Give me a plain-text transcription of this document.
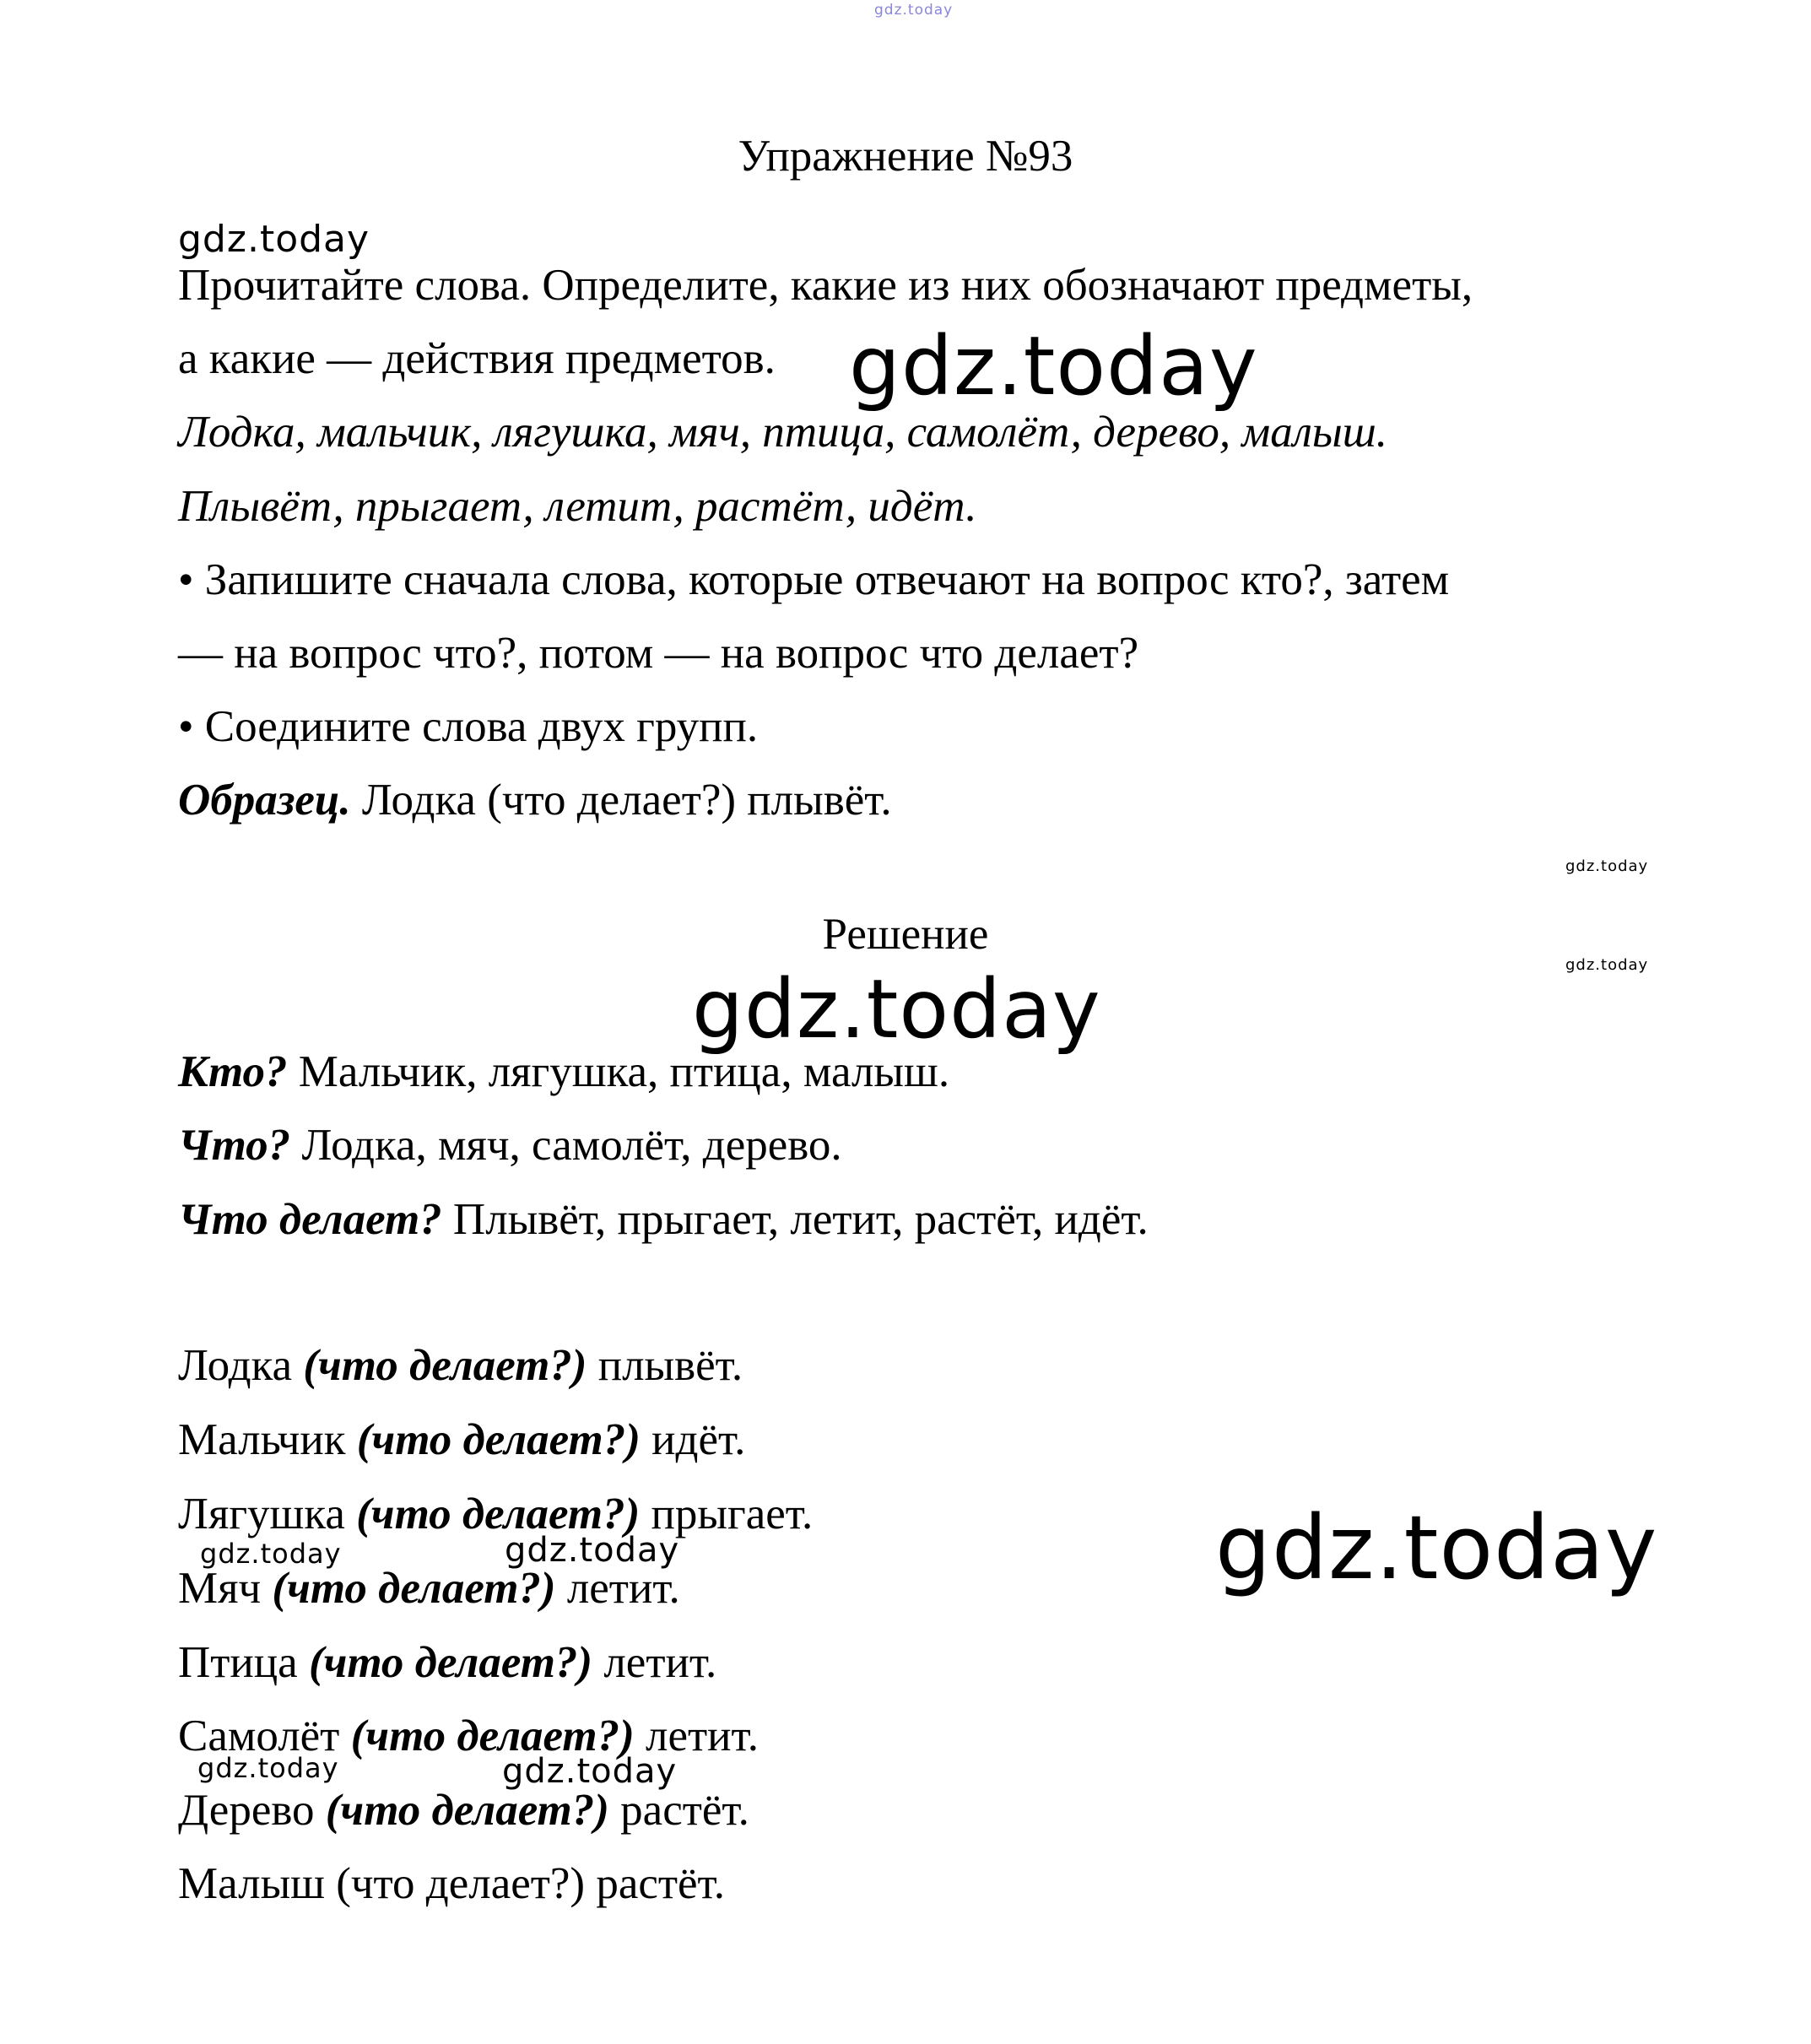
gdz.today
Упражнение №93
gdz.today
Прочитайте слова. Определите, какие из них обозначают предметы,
а какие — действия предметов. gdz.today
Лодка, мальчик, лягушка, мяч, птица, самолёт, дерево, малыш.
Плывёт, прыгает, летит, растёт, идёт.
• Запишите сначала слова, которые отвечают на вопрос кто?, затем
— на вопрос что?, потом — на вопрос что делает?
• Соедините слова двух групп.
Образец. Лодка (что делает?) плывёт.
gdz.today
gdz.today
Решение
gdz.today
Кто? Мальчик, лягушка, птица, малыш.
Что? Лодка, мяч, самолёт, дерево.
Что делает? Плывёт, прыгает, летит, растёт, идёт.
Лодка (что делает?) плывёт.
Мальчик (что делает?) идёт.
Лягушка (что делает?) прыгает.
gdz.today	gdz.today	gdz.today
Мяч (что делает?) летит.
Птица (что делает?) летит.
Самолёт (что делает?) летит.
gdz.today	gdz.today
Дерево (что делает?) растёт.
Малыш (что делает?) растёт.
